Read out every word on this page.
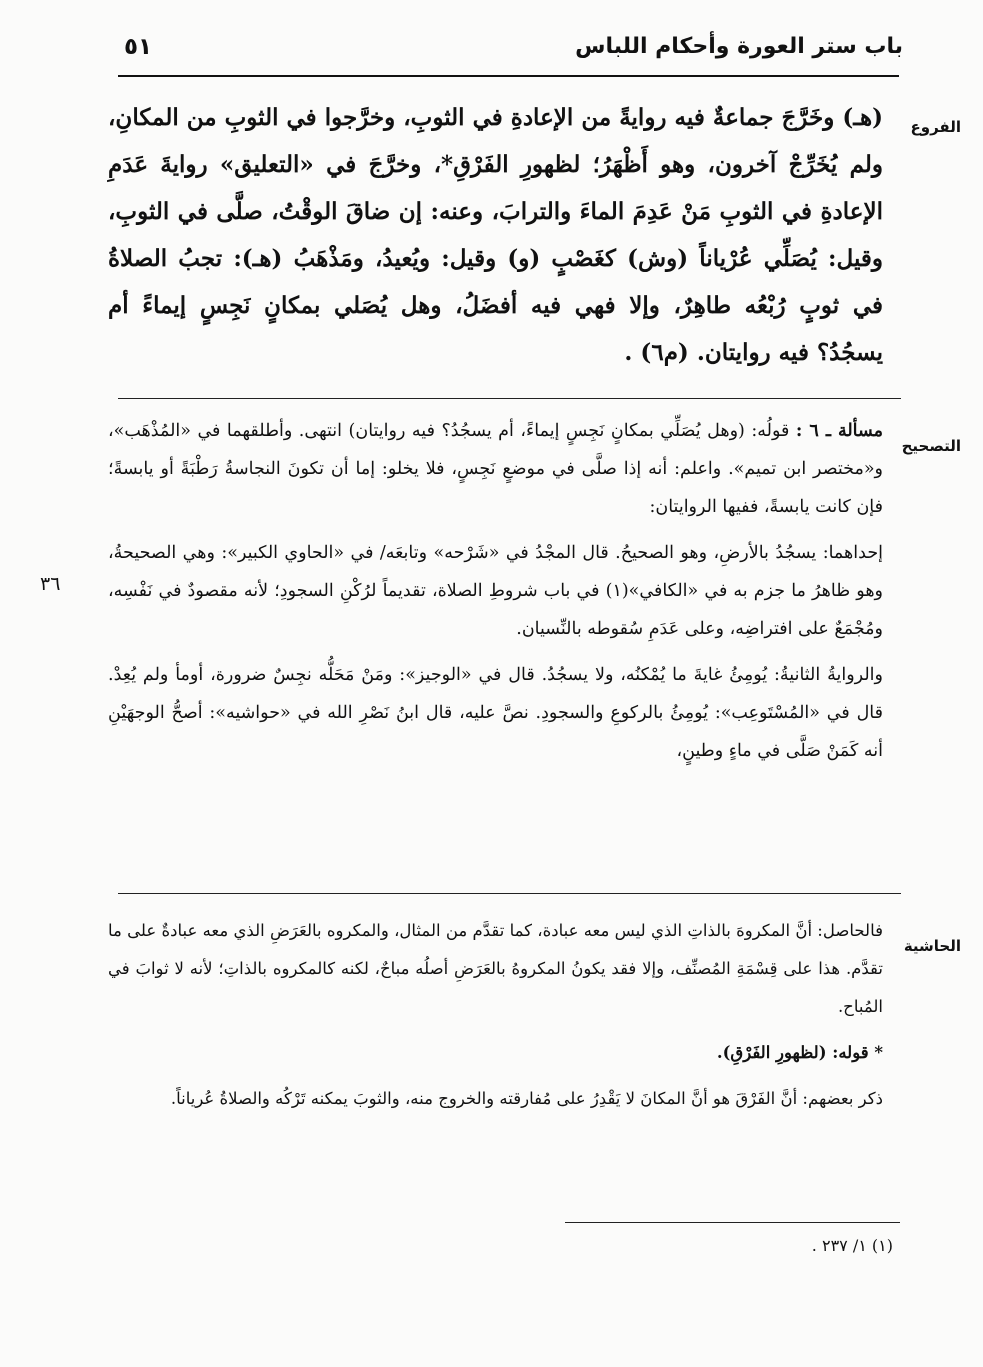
باب ستر العورة وأحكام اللباس
٥١
الفروع

(هـ) وخَرَّجَ جماعةٌ فيه روايةً من الإعادةِ في الثوبِ، وخرَّجوا في الثوبِ من المكانِ، ولم يُخَرِّجْ آخرون، وهو أَظْهَرُ؛ لظهورِ الفَرْقِ*، وخرَّجَ في «التعليق» روايةَ عَدَمِ الإعادةِ في الثوبِ مَنْ عَدِمَ الماءَ والترابَ، وعنه: إن ضاقَ الوقْتُ، صلَّى في الثوبِ، وقيل: يُصَلِّي عُرْياناً (وش) كغَصْبٍ (و) وقيل: ويُعيدُ، ومَذْهَبُ (هـ): تجبُ الصلاةُ في ثوبٍ رُبْعُه طاهِرٌ، وإلا فهي فيه أفضَلُ، وهل يُصَلي بمكانٍ نَجِسٍ إيماءً أم يسجُدُ؟ فيه روايتان. (م٦) .

التصحيح
٣٦

مسألة ـ ٦ : قولُه: (وهل يُصَلِّي بمكانٍ نَجِسٍ إيماءً، أم يسجُدُ؟ فيه روايتان) انتهى. وأطلقهما في «المُذْهَب»، و«مختصر ابن تميم». واعلم: أنه إذا صلَّى في موضعٍ نَجِسٍ، فلا يخلو: إما أن تكونَ النجاسةُ رَطْبَةً أو يابسةً؛ فإن كانت يابسةً، ففيها الروايتان:

إحداهما: يسجُدُ بالأرضِ، وهو الصحيحُ. قال المجْدُ في «شَرْحه» وتابعَه/ في «الحاوي الكبير»: وهي الصحيحةُ، وهو ظاهرُ ما جزم به في «الكافي»(١) في باب شروطِ الصلاة، تقديماً لرُكْنِ السجودِ؛ لأنه مقصودٌ في نَفْسِه، ومُجْمَعٌ على افتراضِه، وعلى عَدَمِ سُقوطه بالنِّسيان.

والروايةُ الثانيةُ: يُومِئُ غايةَ ما يُمْكنُه، ولا يسجُدُ. قال في «الوجيز»: ومَنْ مَحَلُّه نجِسٌ ضرورة، أومأ ولم يُعِدْ. قال في «المُسْتَوعِب»: يُومِئُ بالركوعِ والسجودِ. نصَّ عليه، قال ابنُ نَصْرِ الله في «حواشيه»: أصحُّ الوجهَيْنِ أنه كَمَنْ صَلَّى في ماءٍ وطينٍ،

الحاشية

فالحاصل: أنَّ المكروهَ بالذاتِ الذي ليس معه عبادة، كما تقدَّم من المثال، والمكروه بالعَرَضِ الذي معه عبادةٌ على ما تقدَّم. هذا على قِسْمَةِ المُصنِّف، وإلا فقد يكونُ المكروهُ بالعَرَضِ أصلُه مباحٌ، لكنه كالمكروه بالذاتِ؛ لأنه لا ثوابَ في المُباح.

* قوله: (لظهورِ الفَرْقِ).

ذكر بعضهم: أنَّ الفَرْقَ هو أنَّ المكانَ لا يَقْدِرُ على مُفارقته والخروج منه، والثوبَ يمكنه تَرْكُه والصلاةُ عُرياناً.

(١) ١/ ٢٣٧ .
